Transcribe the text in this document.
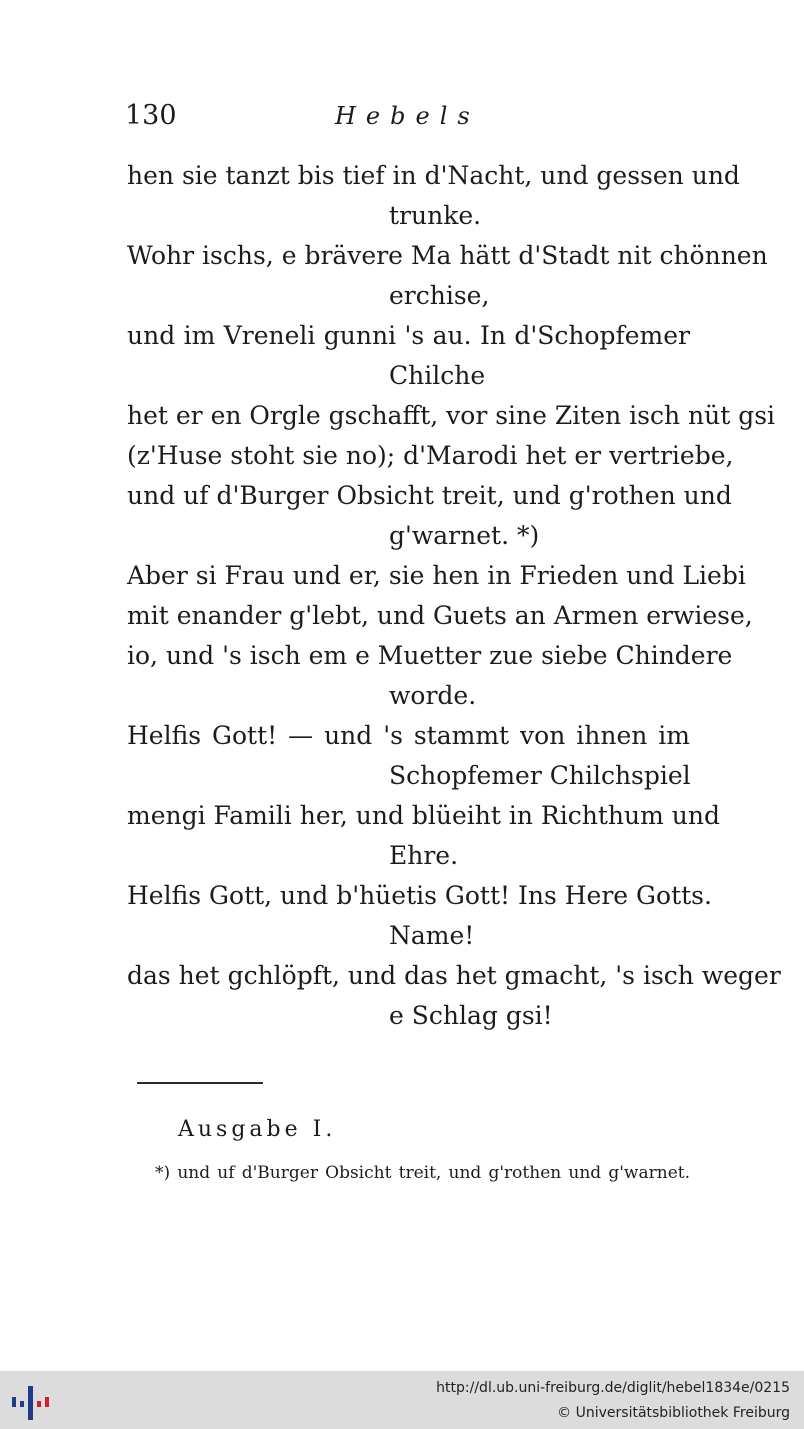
130	Hebels
hen sie tanzt bis tief in d'Nacht, und gessen und
trunke.
Wohr ischs, e brävere Ma hätt d'Stadt nit chönnen
erchise,
und im Vreneli gunni 's au. In d'Schopfemer
Chilche
het er en Orgle gschafft, vor sine Ziten isch nüt gsi
(z'Huse stoht sie no); d'Marodi het er vertriebe,
und uf d'Burger Obsicht treit, und g'rothen und
g'warnet. *)
Aber si Frau und er, sie hen in Frieden und Liebi
mit enander g'lebt, und Guets an Armen erwiese,
io, und 's isch em e Muetter zue siebe Chindere
worde.
Helfis Gott! — und 's stammt von ihnen im
Schopfemer Chilchspiel
mengi Famili her, und blüeiht in Richthum und
Ehre.
Helfis Gott, und b'hüetis Gott! Ins Here Gotts.
Name!
das het gchlöpft, und das het gmacht, 's isch weger
e Schlag gsi!
Ausgabe I.
*) und uf d'Burger Obsicht treit, und g'rothen und g'warnet.
http://dl.ub.uni-freiburg.de/diglit/hebel1834e/0215
© Universitätsbibliothek Freiburg
